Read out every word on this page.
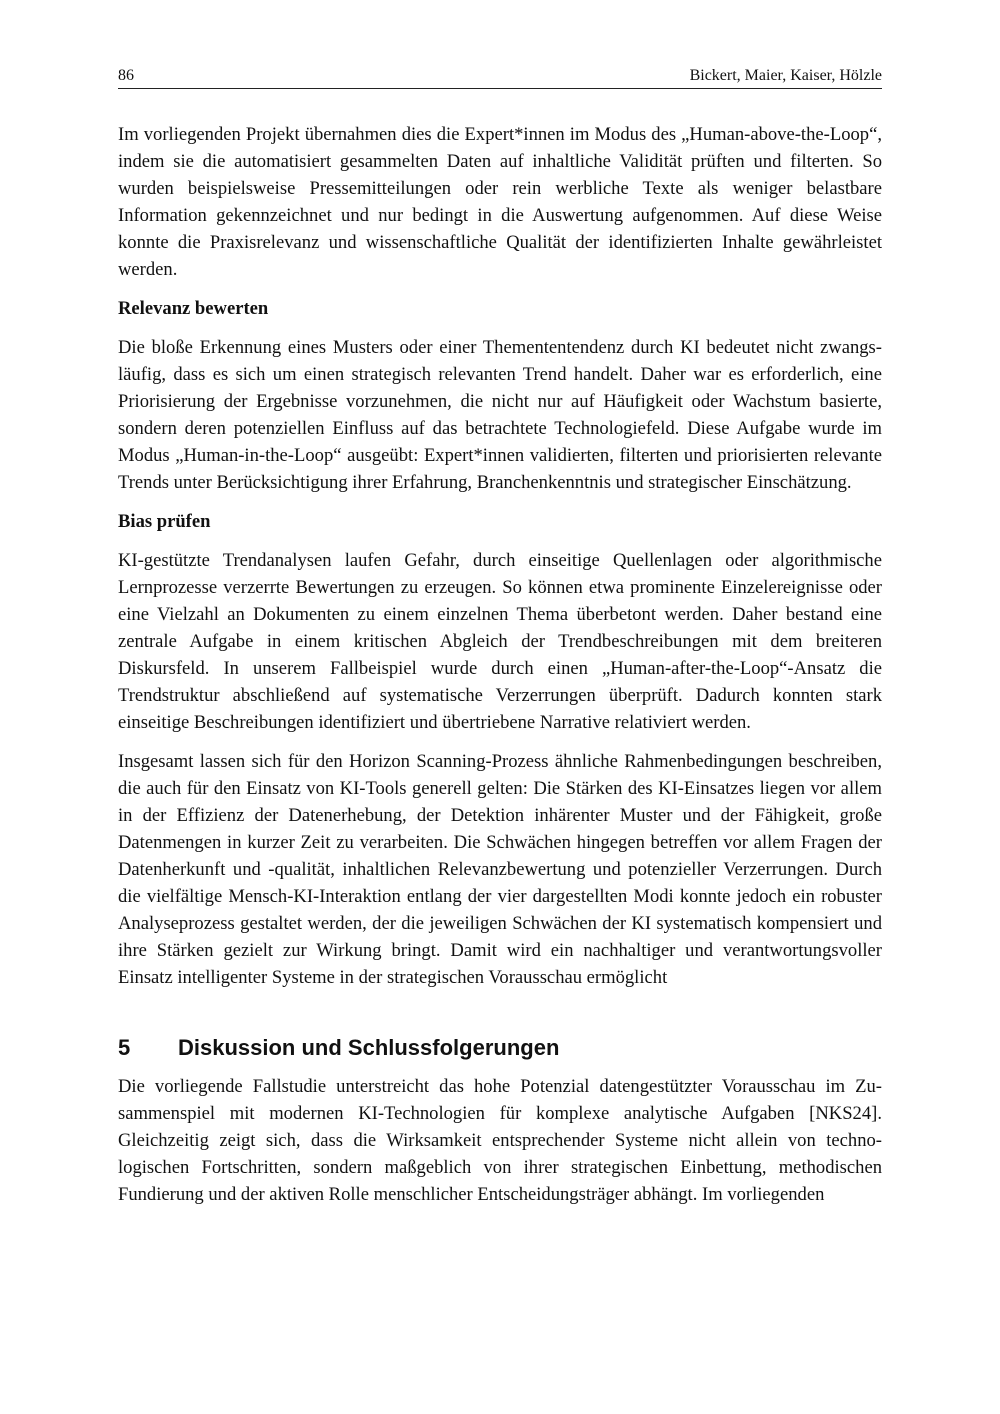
86	Bickert, Maier, Kaiser, Hölzle

Im vorliegenden Projekt übernahmen dies die Expert*innen im Modus des „Human-above-the-Loop“, indem sie die automatisiert gesammelten Daten auf inhaltliche Validität prüften und filterten. So wurden beispielsweise Pressemitteilungen oder rein werbliche Texte als weniger belastbare Information gekennzeichnet und nur bedingt in die Auswertung aufgenommen. Auf diese Weise konnte die Praxisrelevanz und wissenschaftliche Qualität der identifizierten Inhalte gewährleistet werden.

Relevanz bewerten

Die bloße Erkennung eines Musters oder einer Themententendenz durch KI bedeutet nicht zwangsläufig, dass es sich um einen strategisch relevanten Trend handelt. Daher war es erforderlich, eine Priorisierung der Ergebnisse vorzunehmen, die nicht nur auf Häufigkeit oder Wachstum basierte, sondern deren potenziellen Einfluss auf das betrachtete Technologiefeld. Diese Aufgabe wurde im Modus „Human-in-the-Loop“ ausgeübt: Expert*innen validierten, filterten und priorisierten relevante Trends unter Berücksichtigung ihrer Erfahrung, Branchenkenntnis und strategischer Einschätzung.

Bias prüfen

KI-gestützte Trendanalysen laufen Gefahr, durch einseitige Quellenlagen oder algorithmische Lernprozesse verzerrte Bewertungen zu erzeugen. So können etwa prominente Einzelereignisse oder eine Vielzahl an Dokumenten zu einem einzelnen Thema überbetont werden. Daher bestand eine zentrale Aufgabe in einem kritischen Abgleich der Trendbeschreibungen mit dem breiteren Diskursfeld. In unserem Fallbeispiel wurde durch einen „Human-after-the-Loop“-Ansatz die Trendstruktur abschließend auf systematische Verzerrungen überprüft. Dadurch konnten stark einseitige Beschreibungen identifiziert und übertriebene Narrative relativiert werden.

Insgesamt lassen sich für den Horizon Scanning-Prozess ähnliche Rahmenbedingungen beschreiben, die auch für den Einsatz von KI-Tools generell gelten: Die Stärken des KI-Einsatzes liegen vor allem in der Effizienz der Datenerhebung, der Detektion inhärenter Muster und der Fähigkeit, große Datenmengen in kurzer Zeit zu verarbeiten. Die Schwächen hingegen betreffen vor allem Fragen der Datenherkunft und -qualität, inhaltlichen Relevanzbewertung und potenzieller Verzerrungen. Durch die vielfältige Mensch-KI-Interaktion entlang der vier dargestellten Modi konnte jedoch ein robuster Analyseprozess gestaltet werden, der die jeweiligen Schwächen der KI systematisch kompensiert und ihre Stärken gezielt zur Wirkung bringt. Damit wird ein nachhaltiger und verantwortungsvoller Einsatz intelligenter Systeme in der strategischen Vorausschau ermöglicht

5 Diskussion und Schlussfolgerungen

Die vorliegende Fallstudie unterstreicht das hohe Potenzial datengestützter Vorausschau im Zusammenspiel mit modernen KI-Technologien für komplexe analytische Aufgaben [NKS24]. Gleichzeitig zeigt sich, dass die Wirksamkeit entsprechender Systeme nicht allein von technologischen Fortschritten, sondern maßgeblich von ihrer strategischen Einbettung, methodischen Fundierung und der aktiven Rolle menschlicher Entscheidungsträger abhängt. Im vorliegenden
